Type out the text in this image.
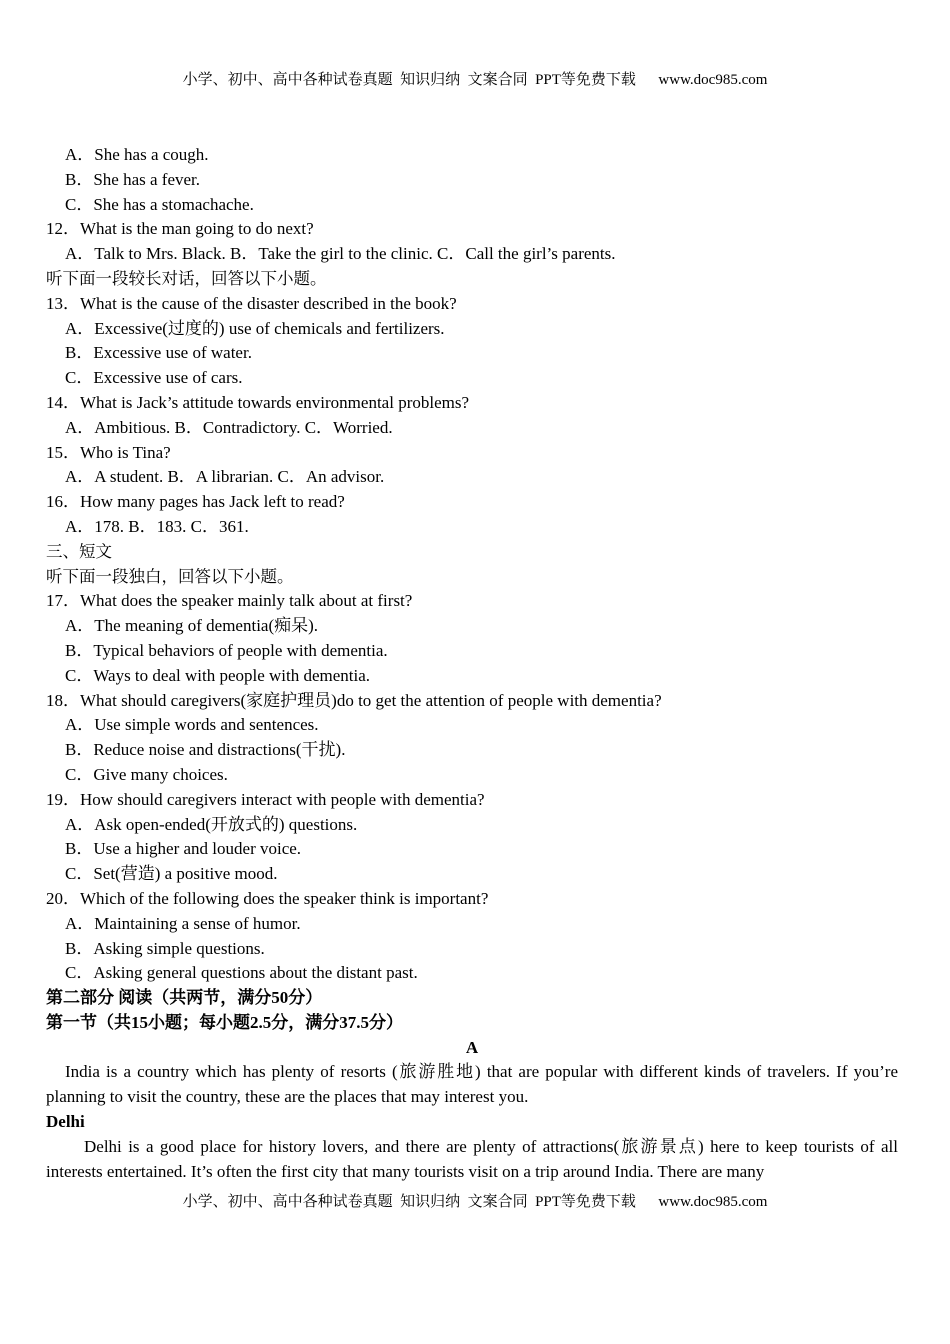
小学、初中、高中各种试卷真题  知识归纳  文案合同  PPT等免费下载      www.doc985.com
A．She has a cough.
B．She has a fever.
C．She has a stomachache.
12．What is the man going to do next?
A．Talk to Mrs. Black. B．Take the girl to the clinic. C．Call the girl’s parents.
听下面一段较长对话，回答以下小题。
13．What is the cause of the disaster described in the book?
A．Excessive(过度的) use of chemicals and fertilizers.
B．Excessive use of water.
C．Excessive use of cars.
14．What is Jack’s attitude towards environmental problems?
A．Ambitious. B．Contradictory. C．Worried.
15．Who is Tina?
A．A student. B．A librarian. C．An advisor.
16．How many pages has Jack left to read?
A．178. B．183. C．361.
三、短文
听下面一段独白，回答以下小题。
17．What does the speaker mainly talk about at first?
A．The meaning of dementia(痴呆).
B．Typical behaviors of people with dementia.
C．Ways to deal with people with dementia.
18．What should caregivers(家庭护理员)do to get the attention of people with dementia?
A．Use simple words and sentences.
B．Reduce noise and distractions(干扰).
C．Give many choices.
19．How should caregivers interact with people with dementia?
A．Ask open-ended(开放式的) questions.
B．Use a higher and louder voice.
C．Set(营造) a positive mood.
20．Which of the following does the speaker think is important?
A．Maintaining a sense of humor.
B．Asking simple questions.
C．Asking general questions about the distant past.
第二部分 阅读（共两节，满分50分）
第一节（共15小题；每小题2.5分，满分37.5分）
A
India is a country which has plenty of resorts (旅游胜地) that are popular with different kinds of travelers. If you’re planning to visit the country, these are the places that may interest you.
Delhi
Delhi is a good place for history lovers, and there are plenty of attractions(旅游景点) here to keep tourists of all interests entertained. It’s often the first city that many tourists visit on a trip around India. There are many
小学、初中、高中各种试卷真题  知识归纳  文案合同  PPT等免费下载      www.doc985.com
